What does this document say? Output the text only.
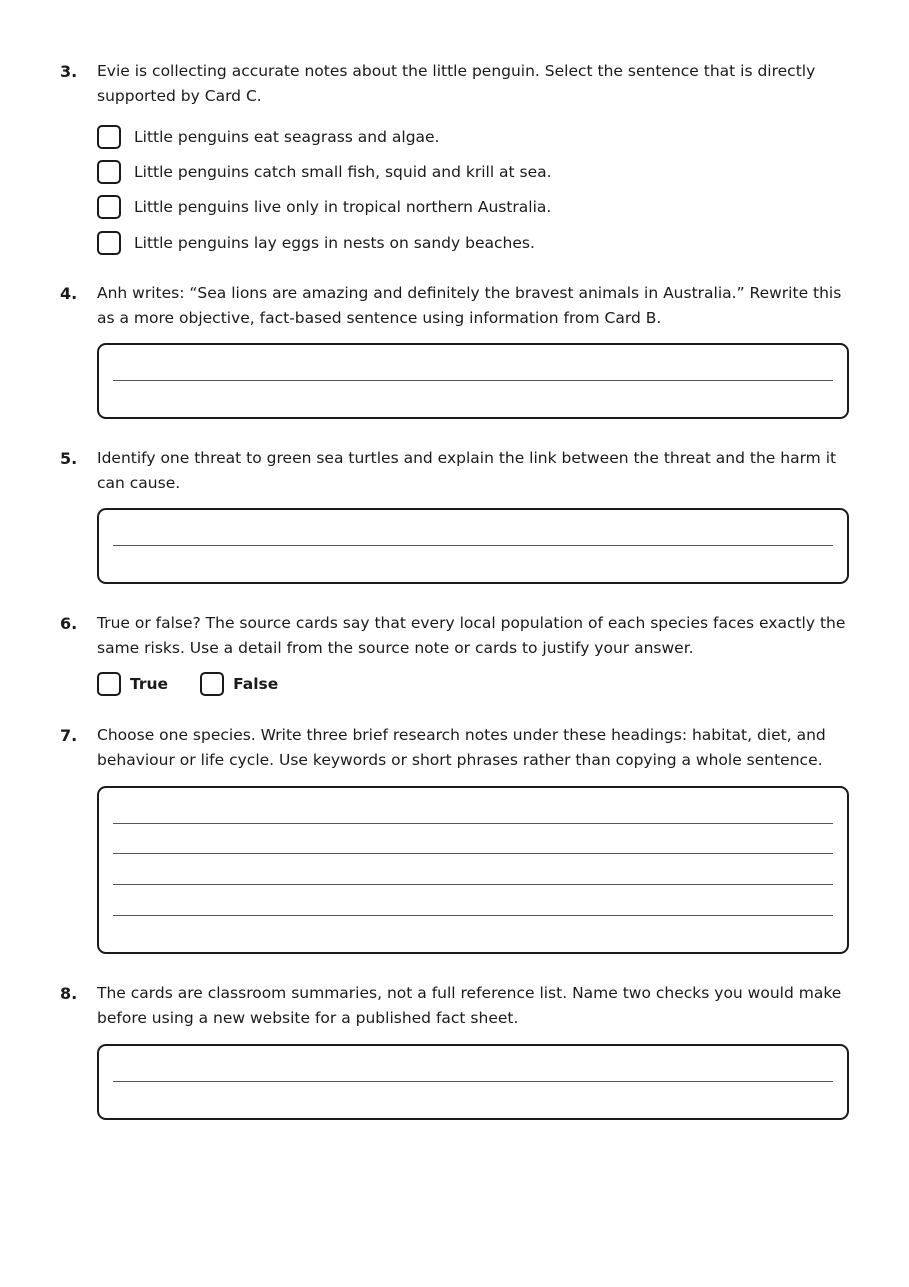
3. Evie is collecting accurate notes about the little penguin. Select the sentence that is directly supported by Card C.

Little penguins eat seagrass and algae.
Little penguins catch small fish, squid and krill at sea.
Little penguins live only in tropical northern Australia.
Little penguins lay eggs in nests on sandy beaches.
4. Anh writes: “Sea lions are amazing and definitely the bravest animals in Australia.” Rewrite this as a more objective, fact-based sentence using information from Card B.

5. Identify one threat to green sea turtles and explain the link between the threat and the harm it can cause.

6. True or false? The source cards say that every local population of each species faces exactly the same risks. Use a detail from the source note or cards to justify your answer.

True	False
7. Choose one species. Write three brief research notes under these headings: habitat, diet, and behaviour or life cycle. Use keywords or short phrases rather than copying a whole sentence.

8. The cards are classroom summaries, not a full reference list. Name two checks you would make before using a new website for a published fact sheet.
